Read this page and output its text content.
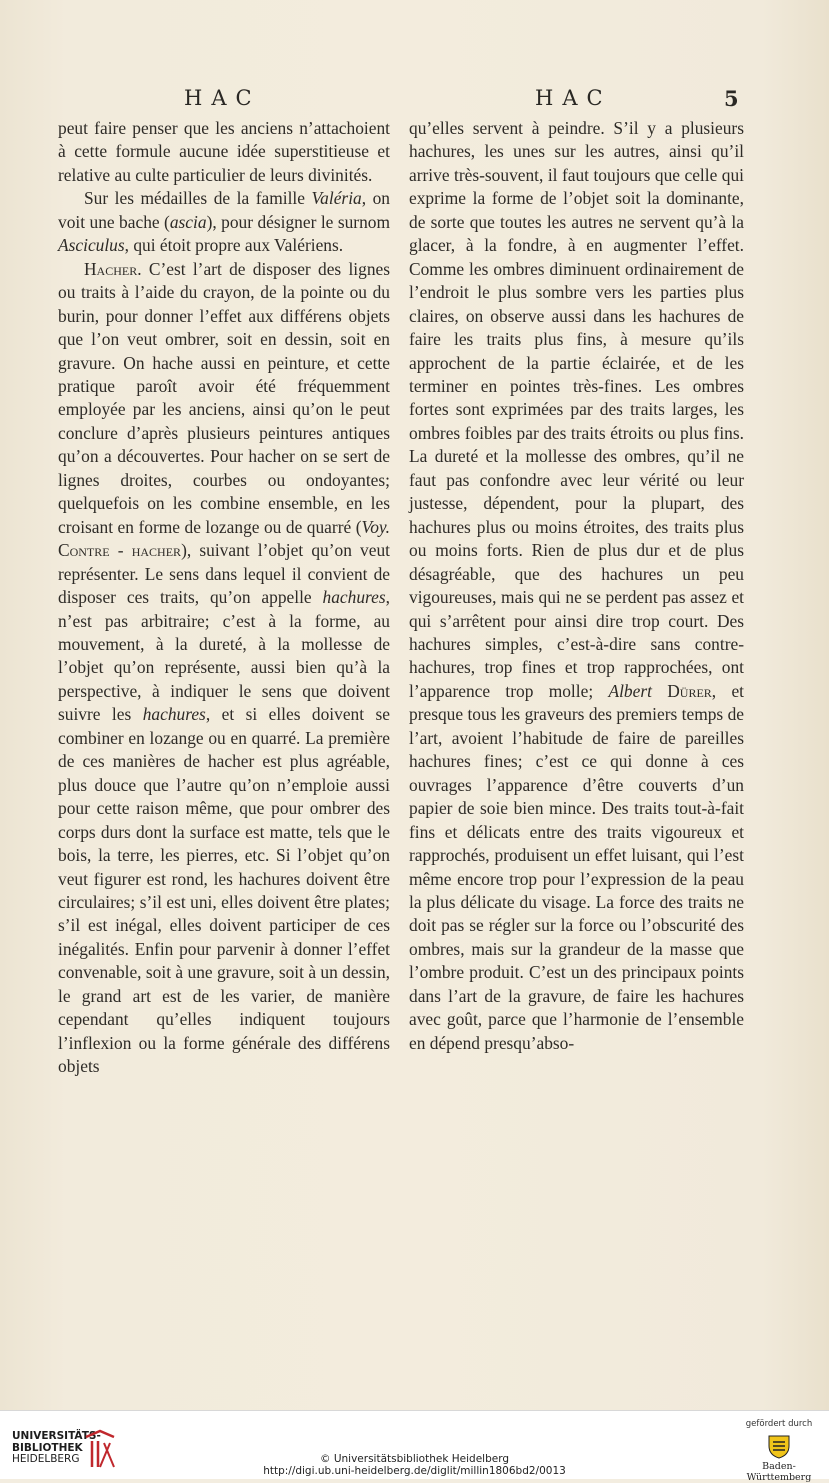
HAC	HAC	5

peut faire penser que les anciens n’attachoient à cette formule aucune idée superstitieuse et relative au culte particulier de leurs divinités.

Sur les médailles de la famille Valéria, on voit une bache (ascia), pour désigner le surnom Asciculus, qui étoit propre aux Valériens.

Hacher. C’est l’art de disposer des lignes ou traits à l’aide du crayon, de la pointe ou du burin, pour donner l’effet aux différens objets que l’on veut ombrer, soit en dessin, soit en gravure. On hache aussi en peinture, et cette pratique paroît avoir été fréquemment employée par les anciens, ainsi qu’on le peut conclure d’après plusieurs peintures antiques qu’on a découvertes. Pour hacher on se sert de lignes droites, courbes ou ondoyantes; quelquefois on les combine ensemble, en les croisant en forme de lozange ou de quarré (Voy. Contre - hacher), suivant l’objet qu’on veut représenter. Le sens dans lequel il convient de disposer ces traits, qu’on appelle hachures, n’est pas arbitraire; c’est à la forme, au mouvement, à la dureté, à la mollesse de l’objet qu’on représente, aussi bien qu’à la perspective, à indiquer le sens que doivent suivre les hachures, et si elles doivent se combiner en lozange ou en quarré. La première de ces manières de hacher est plus agréable, plus douce que l’autre qu’on n’emploie aussi pour cette raison même, que pour ombrer des corps durs dont la surface est matte, tels que le bois, la terre, les pierres, etc. Si l’objet qu’on veut figurer est rond, les hachures doivent être circulaires; s’il est uni, elles doivent être plates; s’il est inégal, elles doivent participer de ces inégalités. Enfin pour parvenir à donner l’effet convenable, soit à une gravure, soit à un dessin, le grand art est de les varier, de manière cependant qu’elles indiquent toujours l’inflexion ou la forme générale des différens objets

qu’elles servent à peindre. S’il y a plusieurs hachures, les unes sur les autres, ainsi qu’il arrive très-souvent, il faut toujours que celle qui exprime la forme de l’objet soit la dominante, de sorte que toutes les autres ne servent qu’à la glacer, à la fondre, à en augmenter l’effet. Comme les ombres diminuent ordinairement de l’endroit le plus sombre vers les parties plus claires, on observe aussi dans les hachures de faire les traits plus fins, à mesure qu’ils approchent de la partie éclairée, et de les terminer en pointes très-fines. Les ombres fortes sont exprimées par des traits larges, les ombres foibles par des traits étroits ou plus fins. La dureté et la mollesse des ombres, qu’il ne faut pas confondre avec leur vérité ou leur justesse, dépendent, pour la plupart, des hachures plus ou moins étroites, des traits plus ou moins forts. Rien de plus dur et de plus désagréable, que des hachures un peu vigoureuses, mais qui ne se perdent pas assez et qui s’arrêtent pour ainsi dire trop court. Des hachures simples, c’est-à-dire sans contre-hachures, trop fines et trop rapprochées, ont l’apparence trop molle; Albert Dürer, et presque tous les graveurs des premiers temps de l’art, avoient l’habitude de faire de pareilles hachures fines; c’est ce qui donne à ces ouvrages l’apparence d’être couverts d’un papier de soie bien mince. Des traits tout-à-fait fins et délicats entre des traits vigoureux et rapprochés, produisent un effet luisant, qui l’est même encore trop pour l’expression de la peau la plus délicate du visage. La force des traits ne doit pas se régler sur la force ou l’obscurité des ombres, mais sur la grandeur de la masse que l’ombre produit. C’est un des principaux points dans l’art de la gravure, de faire les hachures avec goût, parce que l’harmonie de l’ensemble en dépend presqu’abso-

UNIVERSITÄTS-
BIBLIOTHEK
HEIDELBERG	© Universitätsbibliothek Heidelberg
http://digi.ub.uni-heidelberg.de/diglit/millin1806bd2/0013
gefördert durch
Baden-Württemberg
